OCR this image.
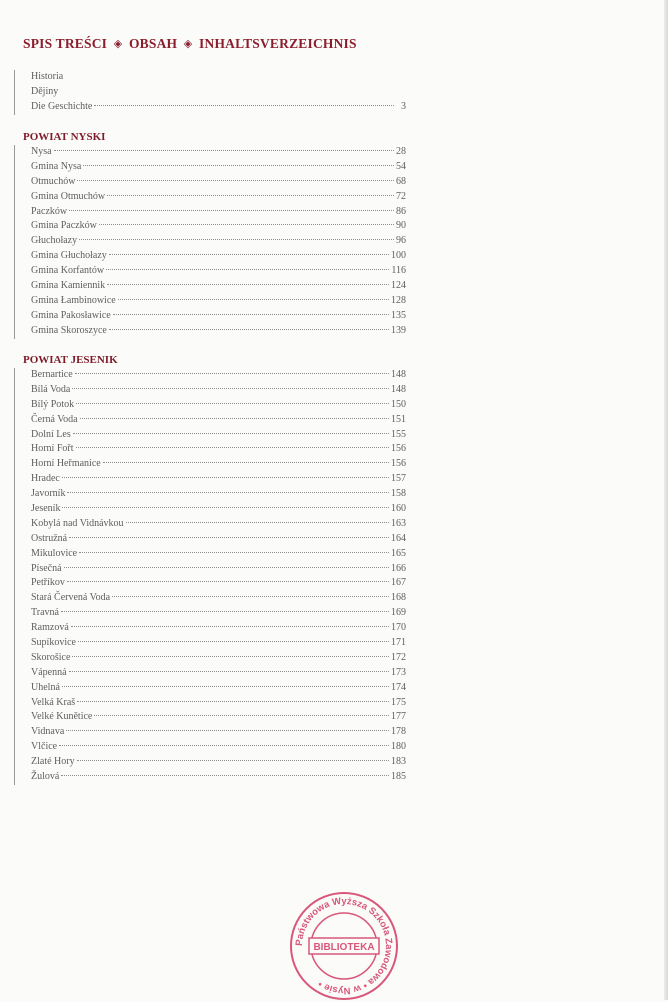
SPIS TREŚCI ◈ OBSAH ◈ INHALTSVERZEICHNIS
Historia
Dějiny
Die Geschichte	3
POWIAT NYSKI
Nysa	28
Gmina Nysa	54
Otmuchów	68
Gmina Otmuchów	72
Paczków	86
Gmina Paczków	90
Głuchołazy	96
Gmina Głuchołazy	100
Gmina Korfantów	116
Gmina Kamiennik	124
Gmina Łambinowice	128
Gmina Pakosławice	135
Gmina Skoroszyce	139
POWIAT JESENIK
Bernartice	148
Bílá Voda	148
Bílý Potok	150
Černá Voda	151
Dolní Les	155
Horní Fořt	156
Horní Heřmanice	156
Hradec	157
Javorník	158
Jeseník	160
Kobylá nad Vidnávkou	163
Ostružná	164
Mikulovice	165
Písečná	166
Petříkov	167
Stará Červená Voda	168
Travná	169
Ramzová	170
Supíkovice	171
Skorošice	172
Vápenná	173
Uhelná	174
Velká Kraš	175
Velké Kunětice	177
Vidnava	178
Vlčice	180
Zlaté Hory	183
Žulová	185
Państwowa Wyższa Szkoła Zawodowa • w Nysie •
BIBLIOTEKA
